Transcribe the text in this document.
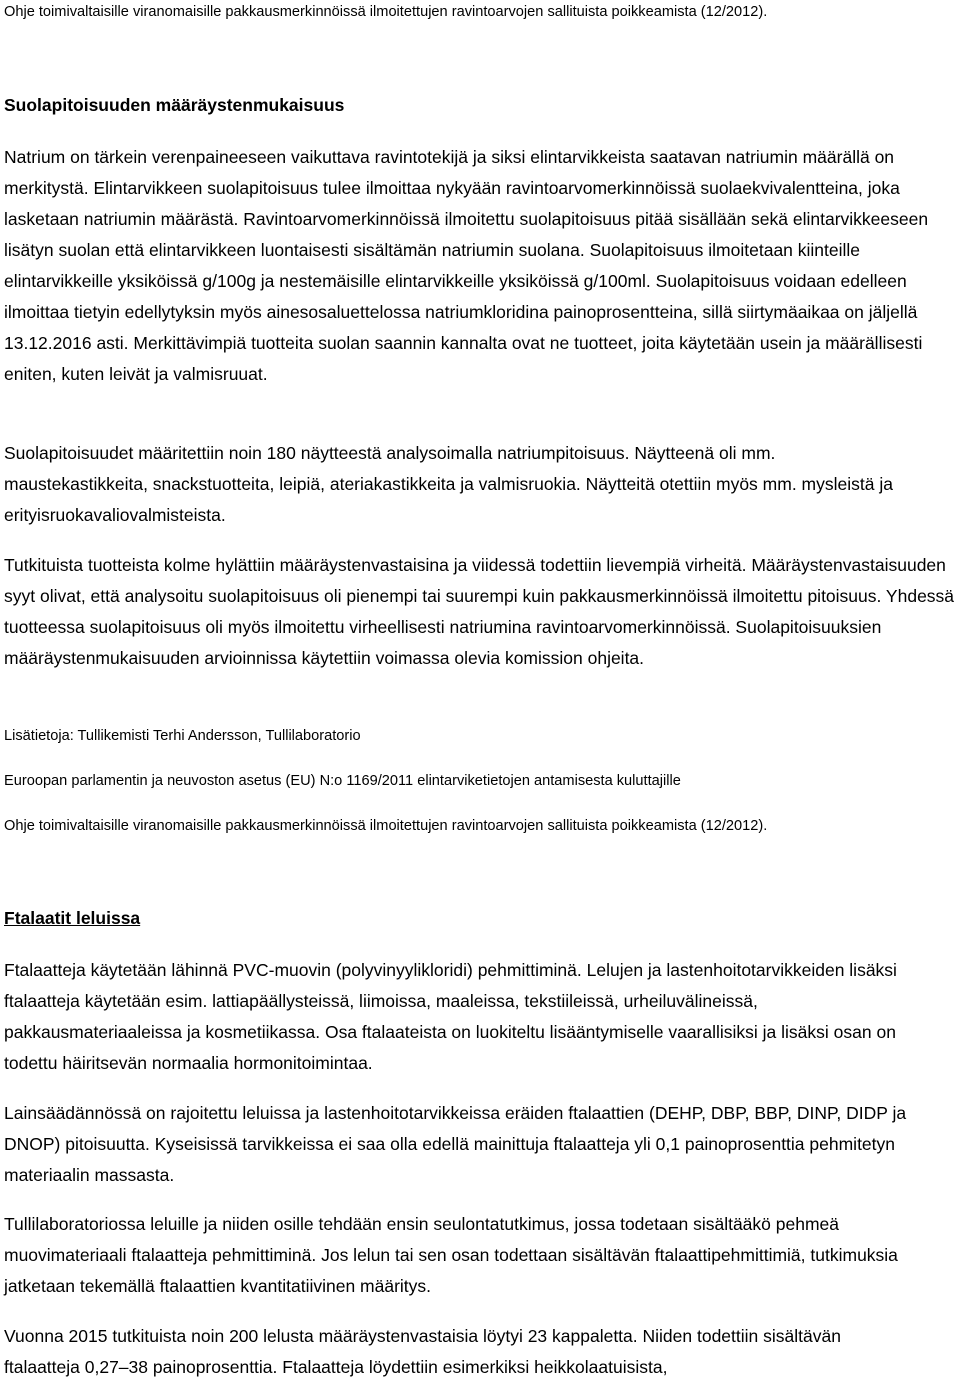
Ohje toimivaltaisille viranomaisille pakkausmerkinnöissä ilmoitettujen ravintoarvojen sallituista poikkeamista (12/2012).

Suolapitoisuuden määräystenmukaisuus

Natrium on tärkein verenpaineeseen vaikuttava ravintotekijä ja siksi elintarvikkeista saatavan natriumin määrällä on merkitystä. Elintarvikkeen suolapitoisuus tulee ilmoittaa nykyään ravintoarvomerkinnöissä suolaekvivalentteina, joka lasketaan natriumin määrästä. Ravintoarvomerkinnöissä ilmoitettu suolapitoisuus pitää sisällään sekä elintarvikkeeseen lisätyn suolan että elintarvikkeen luontaisesti sisältämän natriumin suolana. Suolapitoisuus ilmoitetaan kiinteille elintarvikkeille yksiköissä g/100g ja nestemäisille elintarvikkeille yksiköissä g/100ml. Suolapitoisuus voidaan edelleen ilmoittaa tietyin edellytyksin myös ainesosaluettelossa natriumkloridina painoprosentteina, sillä siirtymäaikaa on jäljellä 13.12.2016 asti. Merkittävimpiä tuotteita suolan saannin kannalta ovat ne tuotteet, joita käytetään usein ja määrällisesti eniten, kuten leivät ja valmisruuat.

Suolapitoisuudet määritettiin noin 180 näytteestä analysoimalla natriumpitoisuus. Näytteenä oli mm. maustekastikkeita, snackstuotteita, leipiä, ateriakastikkeita ja valmisruokia. Näytteitä otettiin myös mm. mysleistä ja erityisruokavaliovalmisteista.

Tutkituista tuotteista kolme hylättiin määräystenvastaisina ja viidessä todettiin lievempiä virheitä. Määräystenvastaisuuden syyt olivat, että analysoitu suolapitoisuus oli pienempi tai suurempi kuin pakkausmerkinnöissä ilmoitettu pitoisuus. Yhdessä tuotteessa suolapitoisuus oli myös ilmoitettu virheellisesti natriumina ravintoarvomerkinnöissä. Suolapitoisuuksien määräystenmukaisuuden arvioinnissa käytettiin voimassa olevia komission ohjeita.

Lisätietoja: Tullikemisti Terhi Andersson, Tullilaboratorio

Euroopan parlamentin ja neuvoston asetus (EU) N:o 1169/2011 elintarviketietojen antamisesta kuluttajille

Ohje toimivaltaisille viranomaisille pakkausmerkinnöissä ilmoitettujen ravintoarvojen sallituista poikkeamista (12/2012).

Ftalaatit leluissa

Ftalaatteja käytetään lähinnä PVC-muovin (polyvinyylikloridi) pehmittiminä. Lelujen ja lastenhoitotarvikkeiden lisäksi ftalaatteja käytetään esim. lattiapäällysteissä, liimoissa, maaleissa, tekstiileissä, urheiluvälineissä, pakkausmateriaaleissa ja kosmetiikassa. Osa ftalaateista on luokiteltu lisääntymiselle vaarallisiksi ja lisäksi osan on todettu häiritsevän normaalia hormonitoimintaa.

Lainsäädännössä on rajoitettu leluissa ja lastenhoitotarvikkeissa eräiden ftalaattien (DEHP, DBP, BBP, DINP, DIDP ja DNOP) pitoisuutta. Kyseisissä tarvikkeissa ei saa olla edellä mainittuja ftalaatteja yli 0,1 painoprosenttia pehmitetyn materiaalin massasta.

Tullilaboratoriossa leluille ja niiden osille tehdään ensin seulontatutkimus, jossa todetaan sisältääkö pehmeä muovimateriaali ftalaatteja pehmittiminä. Jos lelun tai sen osan todettaan sisältävän ftalaattipehmittimiä, tutkimuksia jatketaan tekemällä ftalaattien kvantitatiivinen määritys.

Vuonna 2015 tutkituista noin 200 lelusta määräystenvastaisia löytyi 23 kappaletta. Niiden todettiin sisältävän ftalaatteja 0,27–38 painoprosenttia. Ftalaatteja löydettiin esimerkiksi heikkolaatuisista,
